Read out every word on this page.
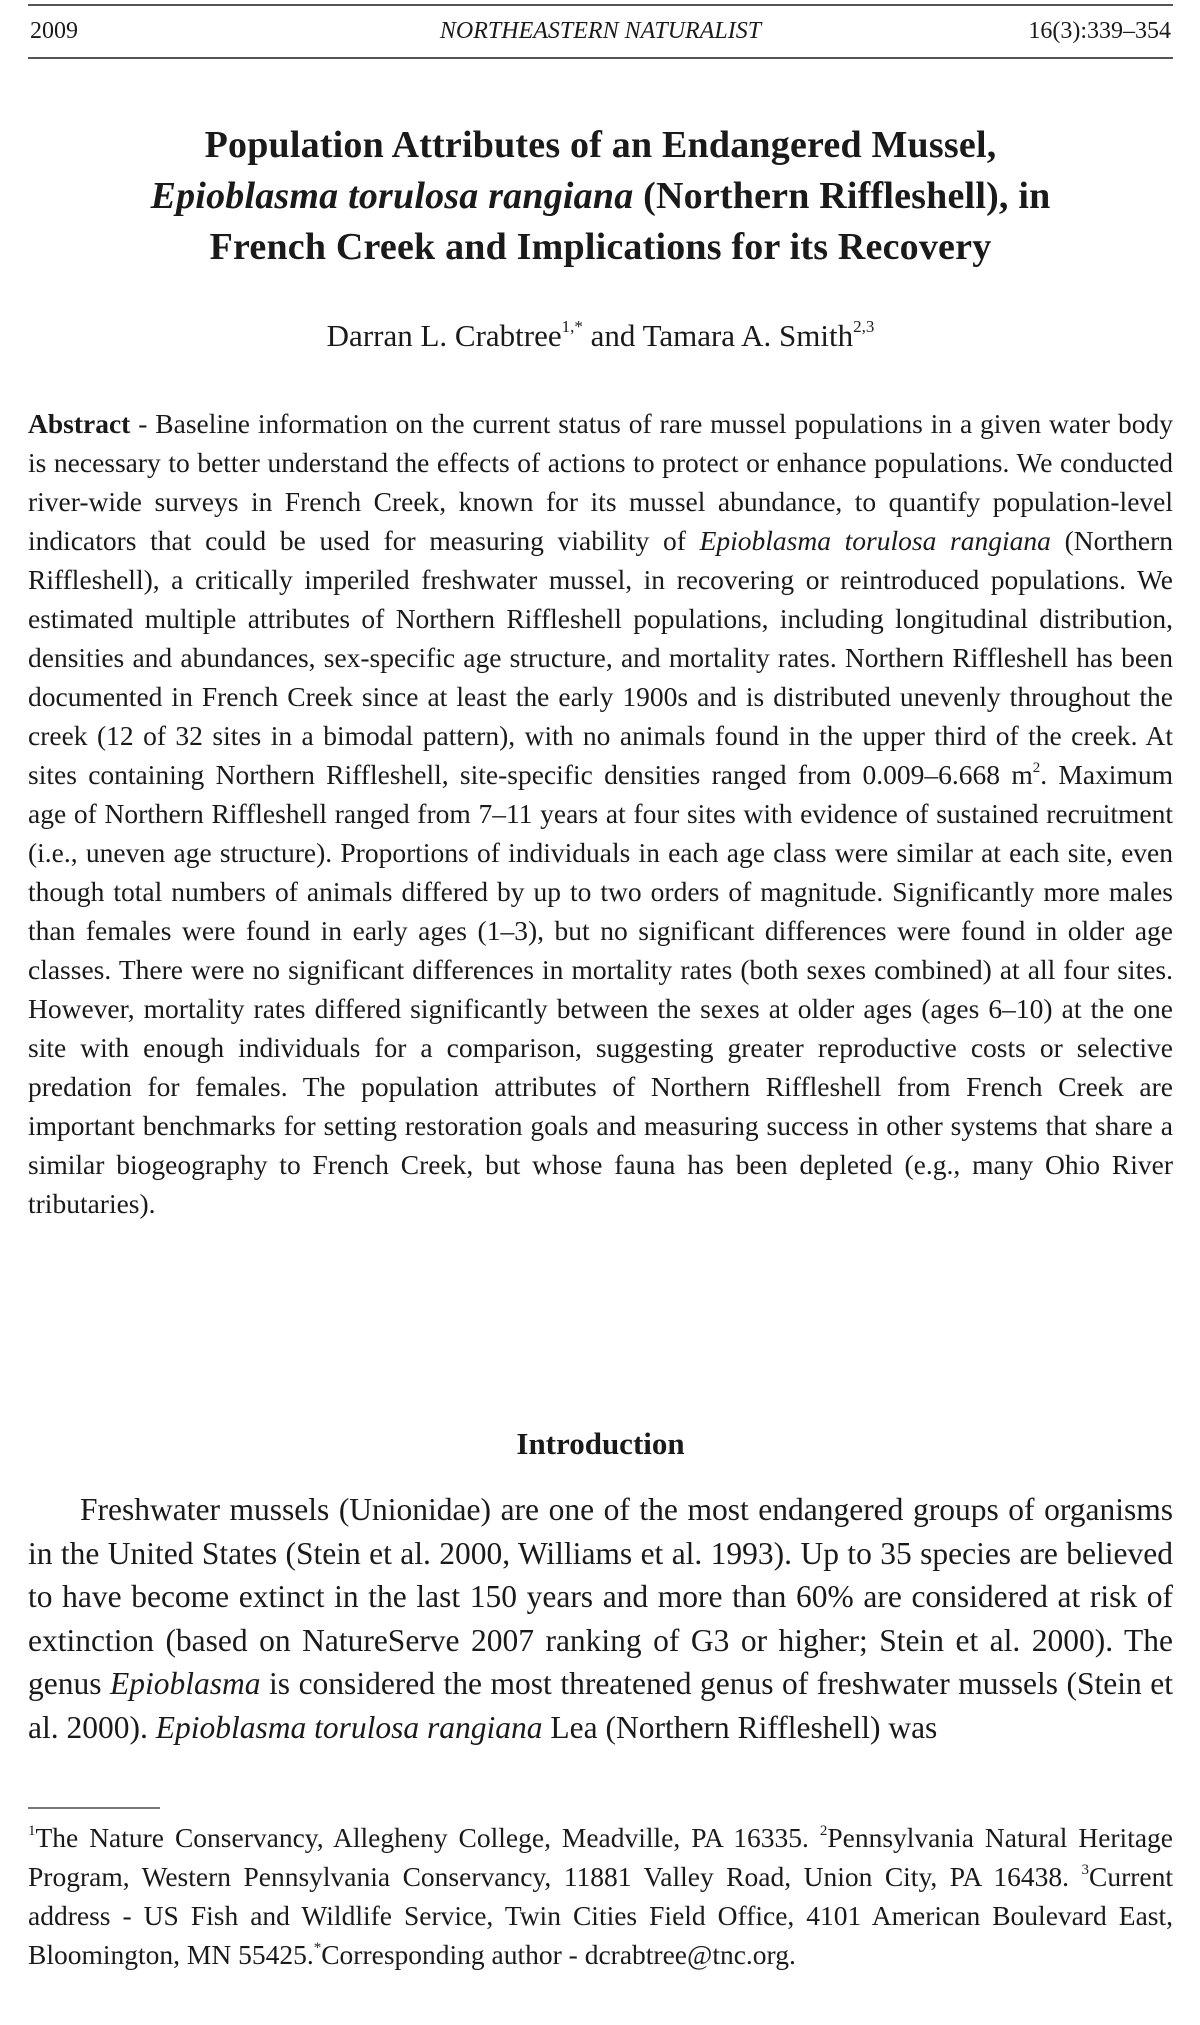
2009	NORTHEASTERN NATURALIST	16(3):339–354
Population Attributes of an Endangered Mussel,
Epioblasma torulosa rangiana (Northern Riffleshell), in
French Creek and Implications for its Recovery
Darran L. Crabtree$^{1,*}$ and Tamara A. Smith$^{2,3}$

Abstract - Baseline information on the current status of rare mussel populations in a given water body is necessary to better understand the effects of actions to protect or enhance populations. We conducted river-wide surveys in French Creek, known for its mussel abundance, to quantify population-level indicators that could be used for measuring viability of Epioblasma torulosa rangiana (Northern Riffleshell), a critically imperiled freshwater mussel, in recovering or reintroduced populations. We estimated multiple attributes of Northern Riffleshell populations, including longitudinal distribution, densities and abundances, sex-specific age structure, and mortality rates. Northern Riffleshell has been documented in French Creek since at least the early 1900s and is distributed unevenly throughout the creek (12 of 32 sites in a bimodal pattern), with no animals found in the upper third of the creek. At sites containing Northern Riffleshell, site-specific densities ranged from 0.009–6.668 $m^2$. Maximum age of Northern Riffleshell ranged from 7–11 years at four sites with evidence of sustained recruitment (i.e., uneven age structure). Proportions of individuals in each age class were similar at each site, even though total numbers of animals differed by up to two orders of magnitude. Significantly more males than females were found in early ages (1–3), but no significant differences were found in older age classes. There were no significant differences in mortality rates (both sexes combined) at all four sites. However, mortality rates differed significantly between the sexes at older ages (ages 6–10) at the one site with enough individuals for a comparison, suggesting greater reproductive costs or selective predation for females. The population attributes of Northern Riffleshell from French Creek are important benchmarks for setting restoration goals and measuring success in other systems that share a similar biogeography to French Creek, but whose fauna has been depleted (e.g., many Ohio River tributaries).

Introduction

Freshwater mussels (Unionidae) are one of the most endangered groups of organisms in the United States (Stein et al. 2000, Williams et al. 1993). Up to 35 species are believed to have become extinct in the last 150 years and more than 60% are considered at risk of extinction (based on NatureServe 2007 ranking of G3 or higher; Stein et al. 2000). The genus Epioblasma is considered the most threatened genus of freshwater mussels (Stein et al. 2000). Epioblasma torulosa rangiana Lea (Northern Riffleshell) was

$^1$The Nature Conservancy, Allegheny College, Meadville, PA 16335. $^2$Pennsylvania Natural Heritage Program, Western Pennsylvania Conservancy, 11881 Valley Road, Union City, PA 16438. $^3$Current address - US Fish and Wildlife Service, Twin Cities Field Office, 4101 American Boulevard East, Bloomington, MN 55425.*Corresponding author - dcrabtree@tnc.org.
